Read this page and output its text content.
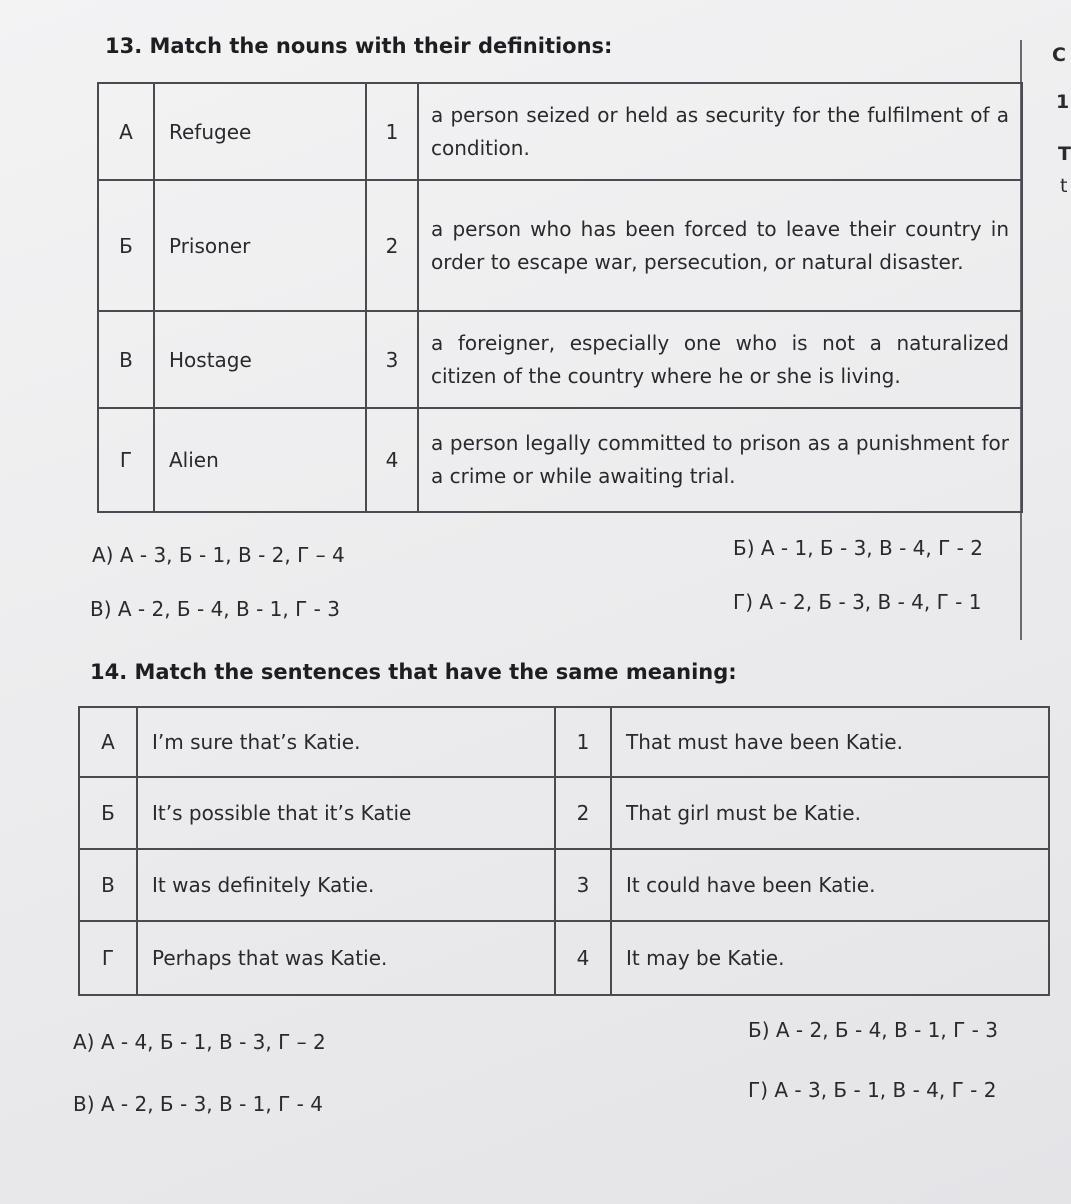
C
1
T
t
13. Match the nouns with their definitions:
А	Refugee	1	a person seized or held as security for the fulfilment of a condition.
Б	Prisoner	2	a person who has been forced to leave their country in order to escape war, persecution, or natural disaster.
В	Hostage	3	a foreigner, especially one who is not a naturalized citizen of the country where he or she is living.
Г	Alien	4	a person legally committed to prison as a punishment for a crime or while awaiting trial.
А) А - 3, Б - 1, В - 2, Г – 4	Б) А - 1, Б - 3, В - 4, Г - 2
В) А - 2, Б - 4, В - 1, Г - 3	Г) А - 2, Б - 3, В - 4, Г - 1
14. Match the sentences that have the same meaning:
А	I’m sure that’s Katie.	1	That must have been Katie.
Б	It’s possible that it’s Katie	2	That girl must be Katie.
В	It was definitely Katie.	3	It could have been Katie.
Г	Perhaps that was Katie.	4	It may be Katie.
А) А - 4, Б - 1, В - 3, Г – 2	Б) А - 2, Б - 4, В - 1, Г - 3
В) А - 2, Б - 3, В - 1, Г - 4
Г) А - 3, Б - 1, В - 4, Г - 2
